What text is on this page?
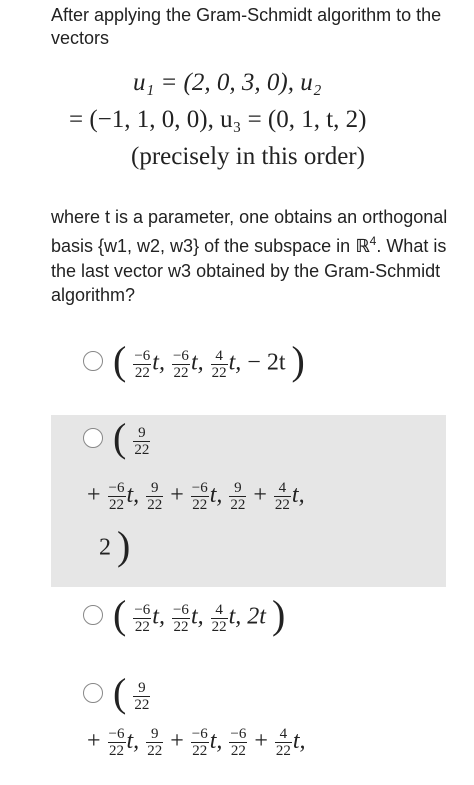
After applying the Gram-Schmidt algorithm to the vectors

u₁ = (2, 0, 3, 0), u₂
= (−1, 1, 0, 0), u₃ = (0, 1, t, 2)
(precisely in this order)
where t is a parameter, one obtains an orthogonal basis {w1, w2, w3} of the subspace in ℝ$^4$. What is the last vector w3 obtained by the Gram-Schmidt algorithm?
( $\frac{-6}{22} t$, $\frac{-6}{22} t$, $\frac{4}{22} t$, − 2t )
( $\frac{9}{22}$
+ $\frac{-6}{22} t$, $\frac{9}{22} + \frac{-6}{22} t$, $\frac{9}{22} + \frac{4}{22} t$,
2 )
( $\frac{-6}{22} t$, $\frac{-6}{22} t$, $\frac{4}{22} t$, 2t )
( $\frac{9}{22}$
+ $\frac{-6}{22} t$, $\frac{9}{22} + \frac{-6}{22} t$, $\frac{-6}{22} + \frac{4}{22} t$,
